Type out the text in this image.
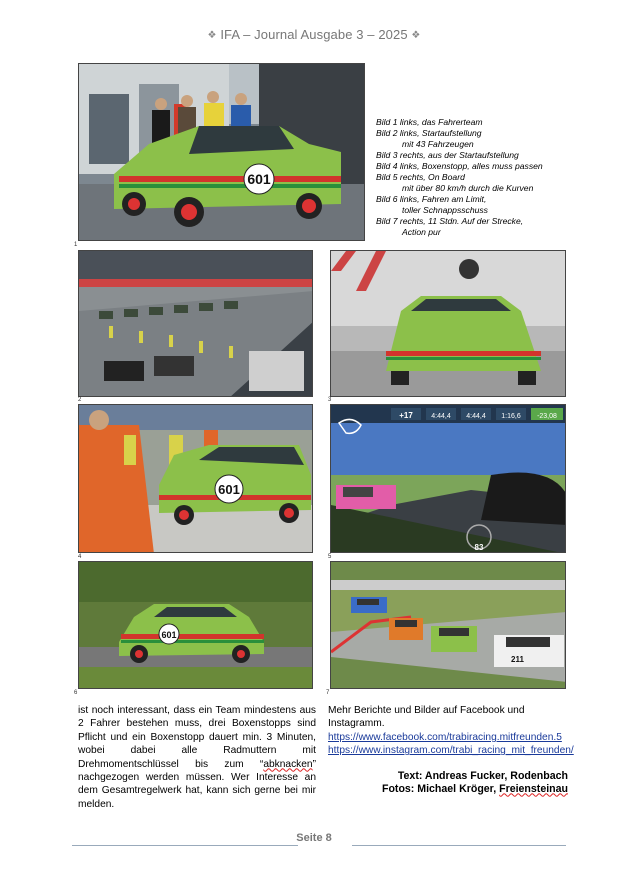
❖ IFA – Journal Ausgabe 3 – 2025 ❖
601
1
Bild 1 links, das Fahrerteam
Bild 2 links, Startaufstellung
mit 43 Fahrzeugen
Bild 3 rechts, aus der Startaufstellung
Bild 4 links, Boxenstopp, alles muss passen
Bild 5 rechts, On Board
mit über 80 km/h durch die Kurven
Bild 6 links, Fahren am Limit,
toller Schnappsschuss
Bild 7 rechts, 11 Stdn. Auf der Strecke,
Action pur
2	3
601
4
+17	4:44,4 4:44,4 1:16,6 -23,08
83
5
601
6
211
7
ist noch interessant, dass ein Team mindestens aus 2 Fahrer bestehen muss, drei Boxenstopps sind Pflicht und ein Boxenstopp dauert min. 3 Minuten, wobei dabei alle Radmuttern mit Drehmomentschlüssel bis zum “abknacken” nachgezogen werden müssen. Wer Interesse an dem Gesamtregelwerk hat, kann sich gerne bei mir melden.
Mehr Berichte und Bilder auf Facebook und Instagramm.
https://www.facebook.com/trabiracing.mitfreunden.5
https://www.instagram.com/trabi_racing_mit_freunden/
Text: Andreas Fucker, Rodenbach
Fotos: Michael Kröger, Freiensteinau
Seite 8
